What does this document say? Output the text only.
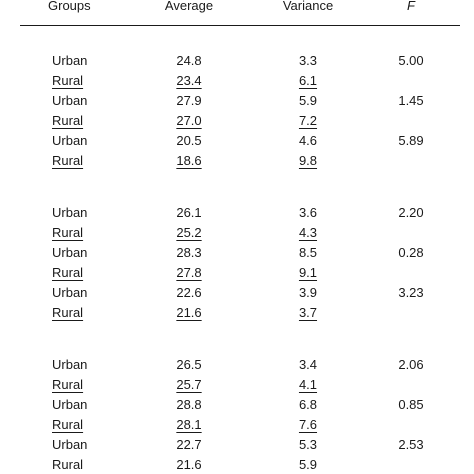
Groups	Average	Variance	F
Urban	24.8	3.3	5.00
Rural	23.4	6.1
Urban	27.9	5.9	1.45
Rural	27.0	7.2
Urban	20.5	4.6	5.89
Rural	18.6	9.8
Urban	26.1	3.6	2.20
Rural	25.2	4.3
Urban	28.3	8.5	0.28
Rural	27.8	9.1
Urban	22.6	3.9	3.23
Rural	21.6	3.7
Urban	26.5	3.4	2.06
Rural	25.7	4.1
Urban	28.8	6.8	0.85
Rural	28.1	7.6
Urban	22.7	5.3	2.53
Rural	21.6	5.9
